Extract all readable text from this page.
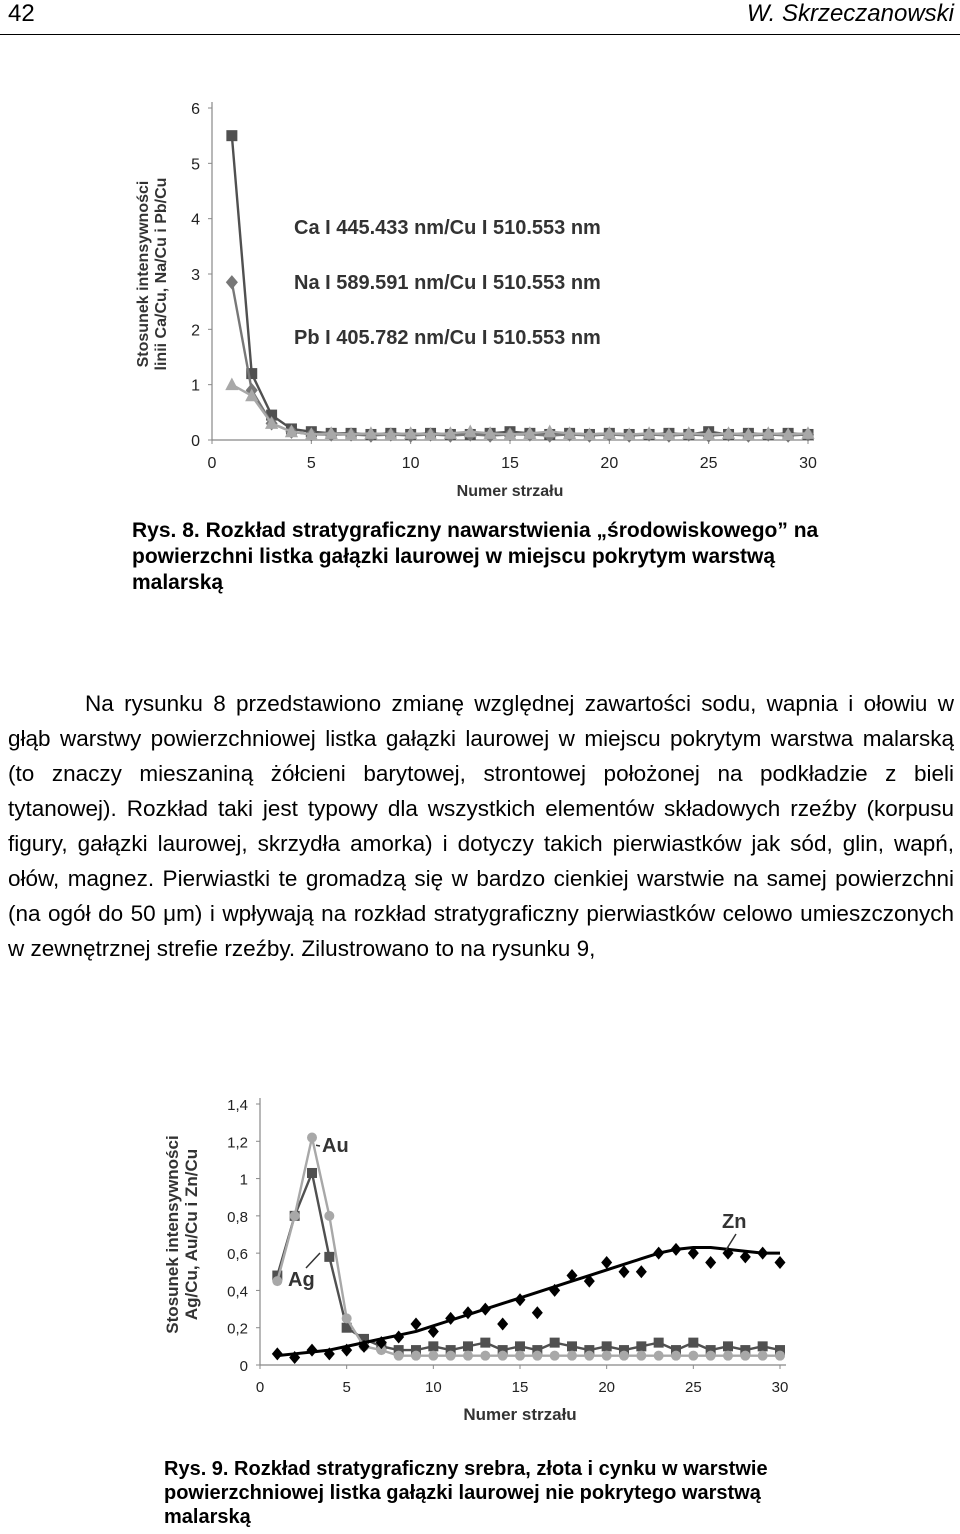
42	W. Skrzeczanowski
0
1
2
3
4
5
6
0	5	10	15	20	25	30
Numer strzału
Stosunek intensywności linii Ca/Cu, Na/Cu i Pb/Cu	Ca I 445.433 nm/Cu I 510.553 nm
Na I 589.591 nm/Cu I 510.553 nm
Pb I 405.782 nm/Cu I 510.553 nm
Rys. 8. Rozkład stratygraficzny nawarstwienia „środowiskowego” na powierzchni listka gałązki laurowej w miejscu pokrytym warstwą malarską

Na rysunku 8 przedstawiono zmianę względnej zawartości sodu, wapnia i ołowiu w głąb warstwy powierzchniowej listka gałązki laurowej w miejscu pokrytym warstwa malarską (to znaczy mieszaniną żółcieni barytowej, strontowej położonej na podkładzie z bieli tytanowej). Rozkład taki jest typowy dla wszystkich elementów składowych rzeźby (korpusu figury, gałązki laurowej, skrzydła amorka) i dotyczy takich pierwiastków jak sód, glin, wapń, ołów, magnez. Pierwiastki te gromadzą się w bardzo cienkiej warstwie na samej powierzchni (na ogół do 50 μm) i wpływają na rozkład stratygraficzny pierwiastków celowo umieszczonych w zewnętrznej strefie rzeźby. Zilustrowano to na rysunku 9,

0
0,2
0,4
0,6
0,8
1
1,2
1,4
0	5	10	15	20	25	30
Numer strzału
Stosunek intensywności Ag/Cu, Au/Cu i Zn/Cu
Au
Ag
Zn
Rys. 9. Rozkład stratygraficzny srebra, złota i cynku w warstwie powierzchniowej listka gałązki laurowej nie pokrytego warstwą malarską
